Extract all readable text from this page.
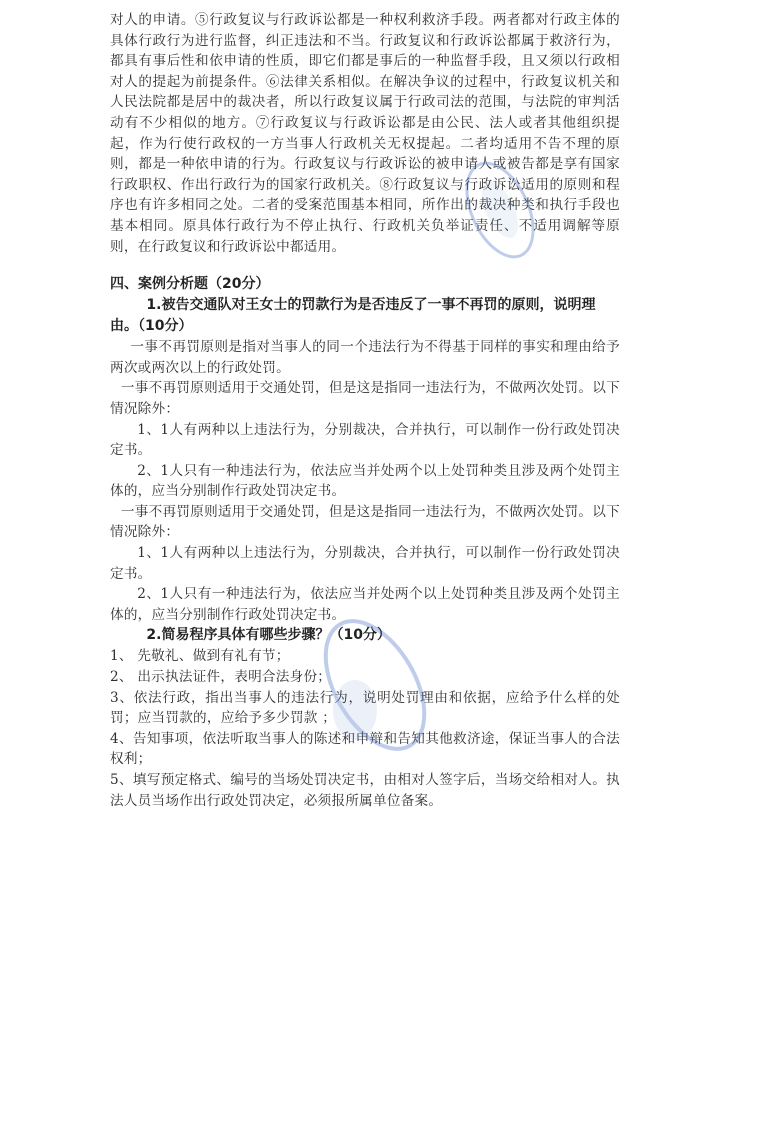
对人的申请。⑤行政复议与行政诉讼都是一种权利救济手段。两者都对行政主体的具体行政行为进行监督，纠正违法和不当。行政复议和行政诉讼都属于救济行为，都具有事后性和依申请的性质，即它们都是事后的一种监督手段，且又须以行政相对人的提起为前提条件。⑥法律关系相似。在解决争议的过程中，行政复议机关和人民法院都是居中的裁决者，所以行政复议属于行政司法的范围，与法院的审判活动有不少相似的地方。⑦行政复议与行政诉讼都是由公民、法人或者其他组织提起，作为行使行政权的一方当事人行政机关无权提起。二者均适用不告不理的原则，都是一种依申请的行为。行政复议与行政诉讼的被申请人或被告都是享有国家行政职权、作出行政行为的国家行政机关。⑧行政复议与行政诉讼适用的原则和程序也有许多相同之处。二者的受案范围基本相同，所作出的裁决种类和执行手段也基本相同。原具体行政行为不停止执行、行政机关负举证责任、不适用调解等原则，在行政复议和行政诉讼中都适用。

四、案例分析题（20分）

1.被告交通队对王女士的罚款行为是否违反了一事不再罚的原则，说明理由。（10分）

一事不再罚原则是指对当事人的同一个违法行为不得基于同样的事实和理由给予两次或两次以上的行政处罚。

一事不再罚原则适用于交通处罚，但是这是指同一违法行为，不做两次处罚。以下情况除外：

1、1人有两种以上违法行为，分别裁决，合并执行，可以制作一份行政处罚决定书。

2、1人只有一种违法行为，依法应当并处两个以上处罚种类且涉及两个处罚主体的，应当分别制作行政处罚决定书。

一事不再罚原则适用于交通处罚，但是这是指同一违法行为，不做两次处罚。以下情况除外：

1、1人有两种以上违法行为，分别裁决，合并执行，可以制作一份行政处罚决定书。

2、1人只有一种违法行为，依法应当并处两个以上处罚种类且涉及两个处罚主体的，应当分别制作行政处罚决定书。

2.简易程序具体有哪些步骤？（10分）

1、 先敬礼、做到有礼有节；

2、 出示执法证件，表明合法身份；

3、依法行政，指出当事人的违法行为，说明处罚理由和依据，应给予什么样的处罚；应当罚款的，应给予多少罚款 ；

4、告知事项，依法听取当事人的陈述和申辩和告知其他救济途，保证当事人的合法权利；

5、填写预定格式、编号的当场处罚决定书，由相对人签字后，当场交给相对人。执法人员当场作出行政处罚决定，必须报所属单位备案。
